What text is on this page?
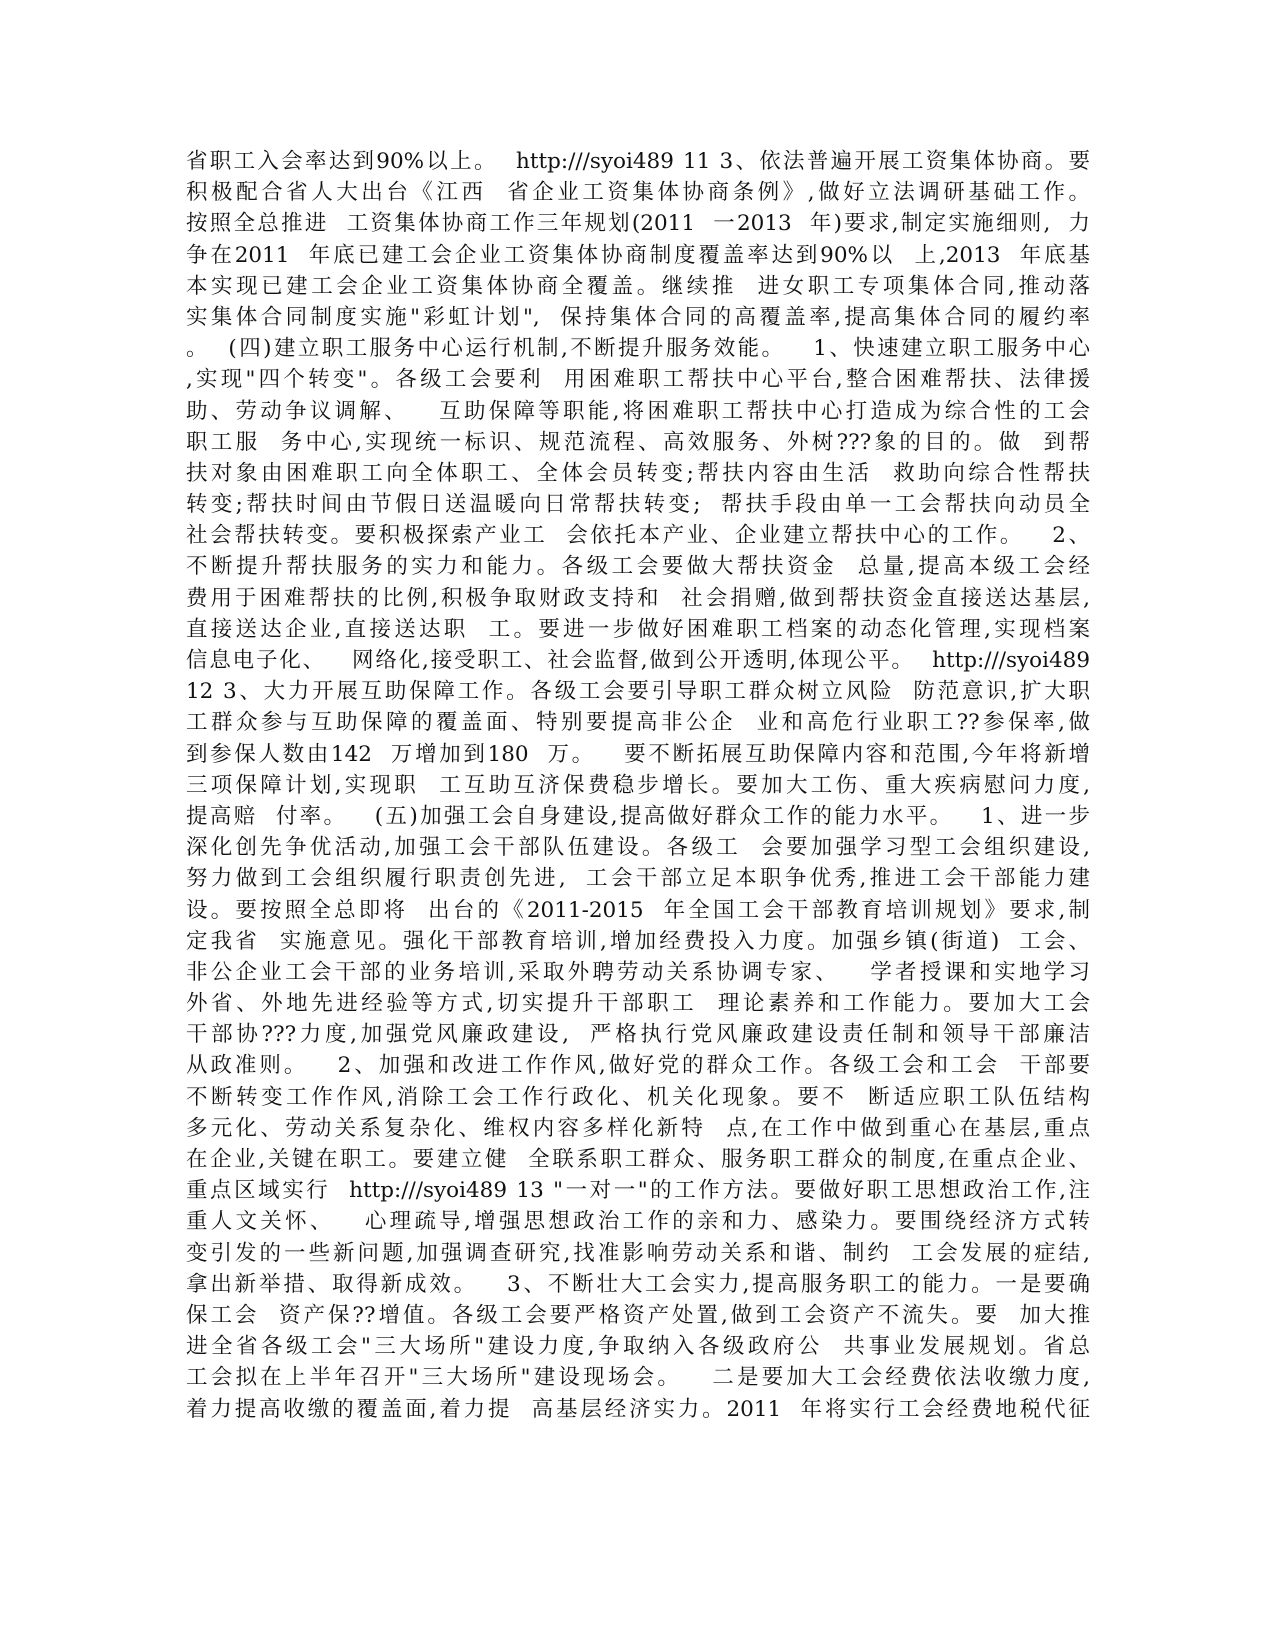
省职工入会率达到90%以上。  http:///syoi489 11 3、依法普遍开展工资集体协商。要
积极配合省人大出台《江西  省企业工资集体协商条例》,做好立法调研基础工作。
按照全总推进  工资集体协商工作三年规划(2011  一2013  年)要求,制定实施细则,  力
争在2011  年底已建工会企业工资集体协商制度覆盖率达到90%以  上,2013  年底基
本实现已建工会企业工资集体协商全覆盖。继续推  进女职工专项集体合同,推动落
实集体合同制度实施"彩虹计划",  保持集体合同的高覆盖率,提高集体合同的履约率
。  (四)建立职工服务中心运行机制,不断提升服务效能。   1、快速建立职工服务中心
,实现"四个转变"。各级工会要利  用困难职工帮扶中心平台,整合困难帮扶、法律援
助、劳动争议调解、   互助保障等职能,将困难职工帮扶中心打造成为综合性的工会
职工服  务中心,实现统一标识、规范流程、高效服务、外树???象的目的。做  到帮
扶对象由困难职工向全体职工、全体会员转变;帮扶内容由生活  救助向综合性帮扶
转变;帮扶时间由节假日送温暖向日常帮扶转变;  帮扶手段由单一工会帮扶向动员全
社会帮扶转变。要积极探索产业工  会依托本产业、企业建立帮扶中心的工作。   2、
不断提升帮扶服务的实力和能力。各级工会要做大帮扶资金  总量,提高本级工会经
费用于困难帮扶的比例,积极争取财政支持和  社会捐赠,做到帮扶资金直接送达基层,
直接送达企业,直接送达职  工。要进一步做好困难职工档案的动态化管理,实现档案
信息电子化、   网络化,接受职工、社会监督,做到公开透明,体现公平。  http:///syoi489
12 3、大力开展互助保障工作。各级工会要引导职工群众树立风险  防范意识,扩大职
工群众参与互助保障的覆盖面、特别要提高非公企  业和高危行业职工??参保率,做
到参保人数由142  万增加到180  万。   要不断拓展互助保障内容和范围,今年将新增
三项保障计划,实现职  工互助互济保费稳步增长。要加大工伤、重大疾病慰问力度,
提高赔  付率。   (五)加强工会自身建设,提高做好群众工作的能力水平。   1、进一步
深化创先争优活动,加强工会干部队伍建设。各级工  会要加强学习型工会组织建设,
努力做到工会组织履行职责创先进,  工会干部立足本职争优秀,推进工会干部能力建
设。要按照全总即将  出台的《2011-2015  年全国工会干部教育培训规划》要求,制
定我省  实施意见。强化干部教育培训,增加经费投入力度。加强乡镇(街道)  工会、
非公企业工会干部的业务培训,采取外聘劳动关系协调专家、   学者授课和实地学习
外省、外地先进经验等方式,切实提升干部职工  理论素养和工作能力。要加大工会
干部协???力度,加强党风廉政建设,  严格执行党风廉政建设责任制和领导干部廉洁
从政准则。   2、加强和改进工作作风,做好党的群众工作。各级工会和工会  干部要
不断转变工作作风,消除工会工作行政化、机关化现象。要不  断适应职工队伍结构
多元化、劳动关系复杂化、维权内容多样化新特  点,在工作中做到重心在基层,重点
在企业,关键在职工。要建立健  全联系职工群众、服务职工群众的制度,在重点企业、
重点区域实行  http:///syoi489 13 "一对一"的工作方法。要做好职工思想政治工作,注
重人文关怀、   心理疏导,增强思想政治工作的亲和力、感染力。要围绕经济方式转
变引发的一些新问题,加强调查研究,找准影响劳动关系和谐、制约  工会发展的症结,
拿出新举措、取得新成效。   3、不断壮大工会实力,提高服务职工的能力。一是要确
保工会  资产保??增值。各级工会要严格资产处置,做到工会资产不流失。要  加大推
进全省各级工会"三大场所"建设力度,争取纳入各级政府公  共事业发展规划。省总
工会拟在上半年召开"三大场所"建设现场会。   二是要加大工会经费依法收缴力度,
着力提高收缴的覆盖面,着力提  高基层经济实力。2011  年将实行工会经费地税代征
